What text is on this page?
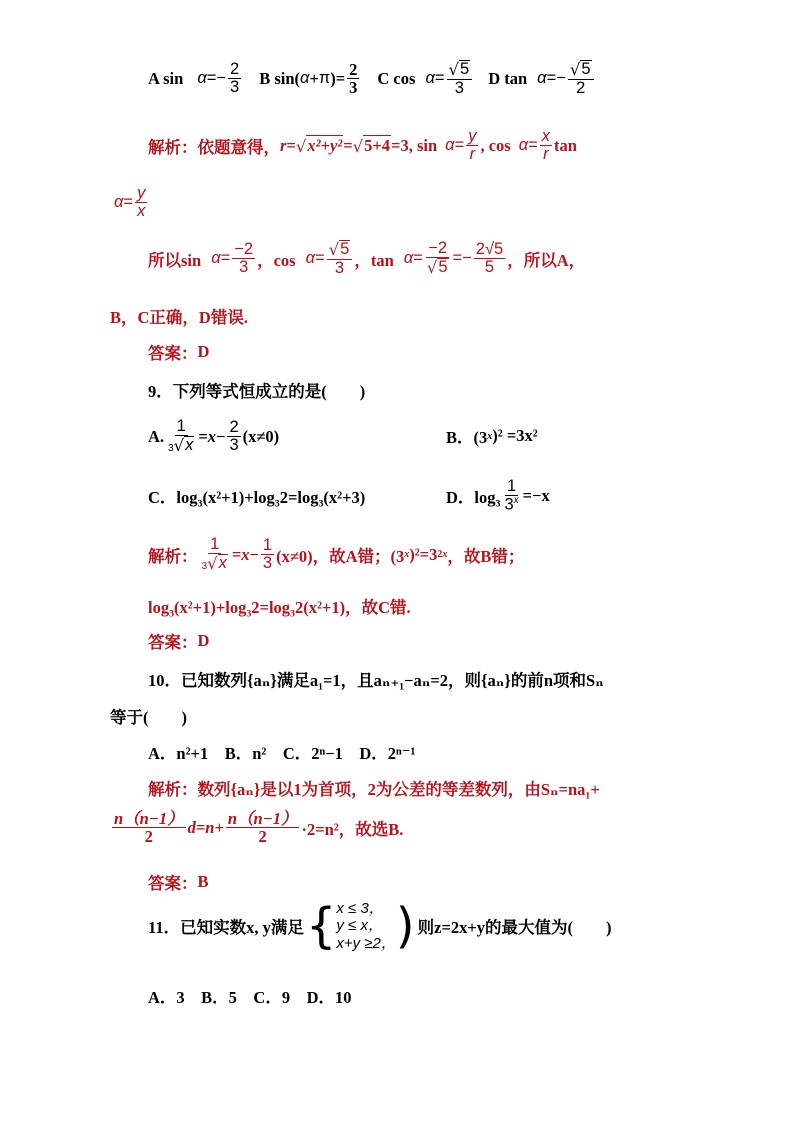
A $\sin \alpha =- \frac{2}{3}$ B sin( α + π ) = $\frac{2}{3}$ C $\cos \alpha = \frac{√ 5}{3}$ D $\tan \alpha =- \frac{√ 5}{2}$
解析： 依题意得， r= √ x²+y² = √ 5+4 =3, $\sin \alpha = \frac{y}{r}$ , $\cos \alpha = \frac{x}{r}$ tan
$\alpha = \frac{y}{x}$
所以$\sin \alpha = \frac{-2}{3}$ ，$\cos \alpha = \frac{√ 5}{3}$ ，$\tan \alpha = \frac{-2}{√ 5} =- \frac{2√5}{5}$ ，所以A，
B，C正确，D错误.
答案： D
9．下列等式恒成立的是(　　)
A. $\frac{1}{3 √ x} = x - \frac{2}{3} (x\ne 0)$	B．(3 x )² =3x²
C．log₃(x²+1)+log₃2=log₃(x²+3)	D．$\log_3 \frac{1}{3^x} =-x$
解析： $\frac{1}{3 √ x} = x - \frac{1}{3} (x\ne 0)$，故A错；(3 x )²=3 2x ，故B错；
log₃(x²+1)+log₃2=log₃2(x²+1)，故C错.
答案： D
10．已知数列{aₙ}满足a₁=1，且aₙ₊₁−aₙ=2，则{aₙ}的前n项和Sₙ
等于(　　)
A．n²+1　B．n²　C．2ⁿ−1　D．2ⁿ⁻¹
解析： 数列{aₙ}是以1为首项，2为公差的等差数列，由Sₙ=na₁+
$\frac{n(n-1)}{2} d=n+ \frac{n(n-1)}{2} \cdot 2=n^2$，故选B.
答案： B
11．已知实数x, y满足 { x ≤ 3，
y ≤ x，
x+y ≥2， ) 则z=2x+y的最大值为(　　)
A．3　B．5　C．9　D．10
